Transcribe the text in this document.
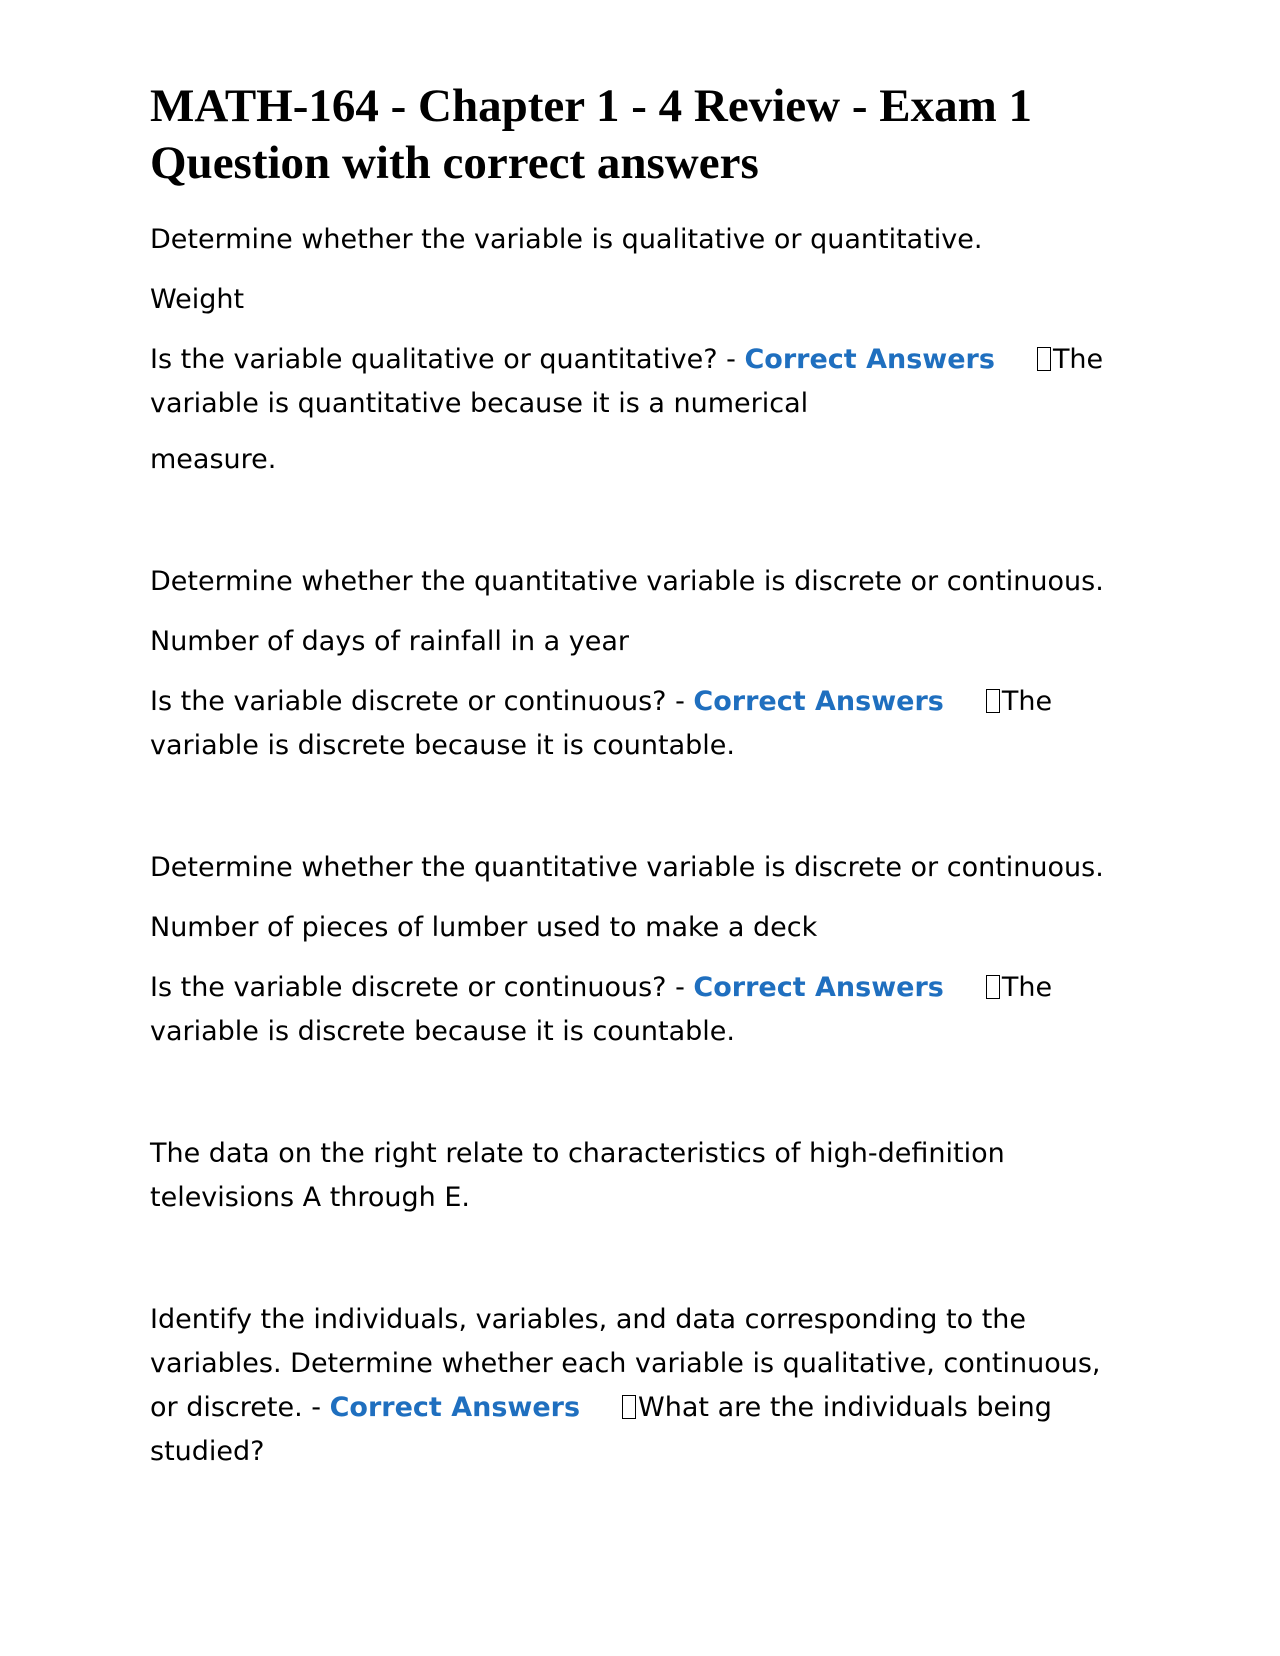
MATH-164 - Chapter 1 - 4 Review - Exam 1
Question with correct answers
Determine whether the variable is qualitative or quantitative.
Weight
Is the variable qualitative or quantitative? - Correct Answers The
variable is quantitative because it is a numerical
measure.
Determine whether the quantitative variable is discrete or continuous.
Number of days of rainfall in a year
Is the variable discrete or continuous? - Correct Answers The
variable is discrete because it is countable.
Determine whether the quantitative variable is discrete or continuous.
Number of pieces of lumber used to make a deck
Is the variable discrete or continuous? - Correct Answers The
variable is discrete because it is countable.
The data on the right relate to characteristics of high-definition
televisions A through E.
Identify the individuals, variables, and data corresponding to the
variables. Determine whether each variable is qualitative, continuous,
or discrete. - Correct Answers What are the individuals being
studied?
